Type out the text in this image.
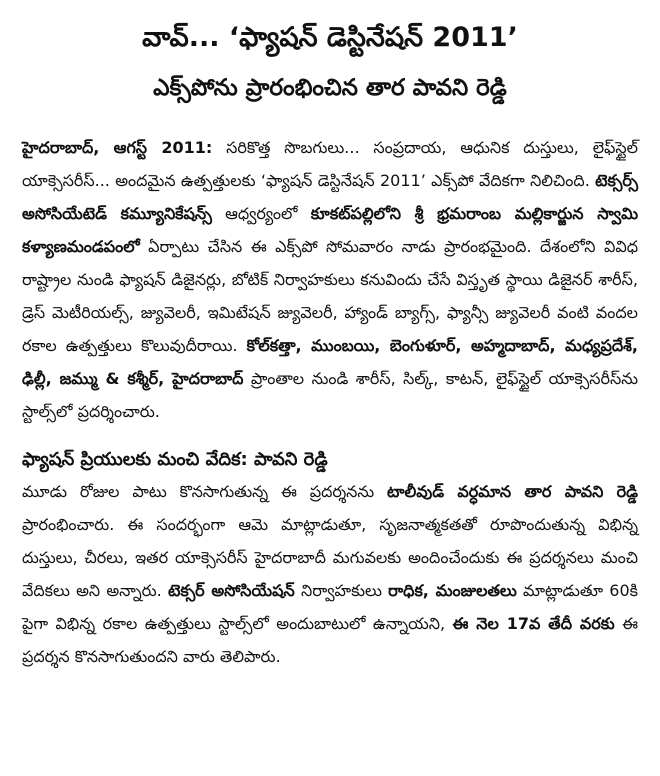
వావ్... ‘ఫ్యాషన్ డెస్టినేషన్ 2011’
ఎక్స్‌పోను ప్రారంభించిన తార పావని రెడ్డి

హైదరాబాద్, ఆగస్ట్ 2011: సరికొత్త సొబగులు... సంప్రదాయ, ఆధునిక దుస్తులు, లైఫ్‌స్టైల్ యాక్సెసరీస్... అందమైన ఉత్పత్తులకు ‘ఫ్యాషన్ డెస్టినేషన్ 2011’ ఎక్స్‌పో వేదికగా నిలిచింది. టెక్సర్స్ అసోసియేటెడ్ కమ్యూనికేషన్స్ ఆధ్వర్యంలో కూకట్‌పల్లిలోని శ్రీ భ్రమరాంబ మల్లికార్జున స్వామి కళ్యాణమండపంలో ఏర్పాటు చేసిన ఈ ఎక్స్‌పో సోమవారం నాడు ప్రారంభమైంది. దేశంలోని వివిధ రాష్ట్రాల నుండి ఫ్యాషన్ డిజైనర్లు, బోటిక్ నిర్వాహకులు కనువిందు చేసే విస్తృత స్థాయి డిజైనర్ శారీస్, డ్రెస్ మెటీరియల్స్, జ్యువెలరీ, ఇమిటేషన్ జ్యువెలరీ, హ్యాండ్ బ్యాగ్స్, ఫ్యాన్సీ జ్యువెలరీ వంటి వందల రకాల ఉత్పత్తులు కొలువుదీరాయి. కోల్‌కత్తా, ముంబయి, బెంగుళూర్, అహ్మదాబాద్, మధ్యప్రదేశ్, ఢిల్లీ, జమ్ము & కశ్మీర్, హైదరాబాద్ ప్రాంతాల నుండి శారీస్, సిల్క్, కాటన్, లైఫ్‌స్టైల్ యాక్సెసరీస్‌ను స్టాల్స్‌లో ప్రదర్శించారు.

ఫ్యాషన్ ప్రియులకు మంచి వేదిక: పావని రెడ్డి

మూడు రోజుల పాటు కొనసాగుతున్న ఈ ప్రదర్శనను టాలీవుడ్ వర్ధమాన తార పావని రెడ్డి ప్రారంభించారు. ఈ సందర్భంగా ఆమె మాట్లాడుతూ, సృజనాత్మకతతో రూపొందుతున్న విభిన్న దుస్తులు, చీరలు, ఇతర యాక్సెసరీస్ హైదరాబాదీ మగువలకు అందించేందుకు ఈ ప్రదర్శనలు మంచి వేదికలు అని అన్నారు. టెక్సర్ అసోసియేషన్ నిర్వాహకులు రాధిక, మంజులతలు మాట్లాడుతూ 60కి పైగా విభిన్న రకాల ఉత్పత్తులు స్టాల్స్‌లో అందుబాటులో ఉన్నాయని, ఈ నెల 17వ తేదీ వరకు ఈ ప్రదర్శన కొనసాగుతుందని వారు తెలిపారు.
